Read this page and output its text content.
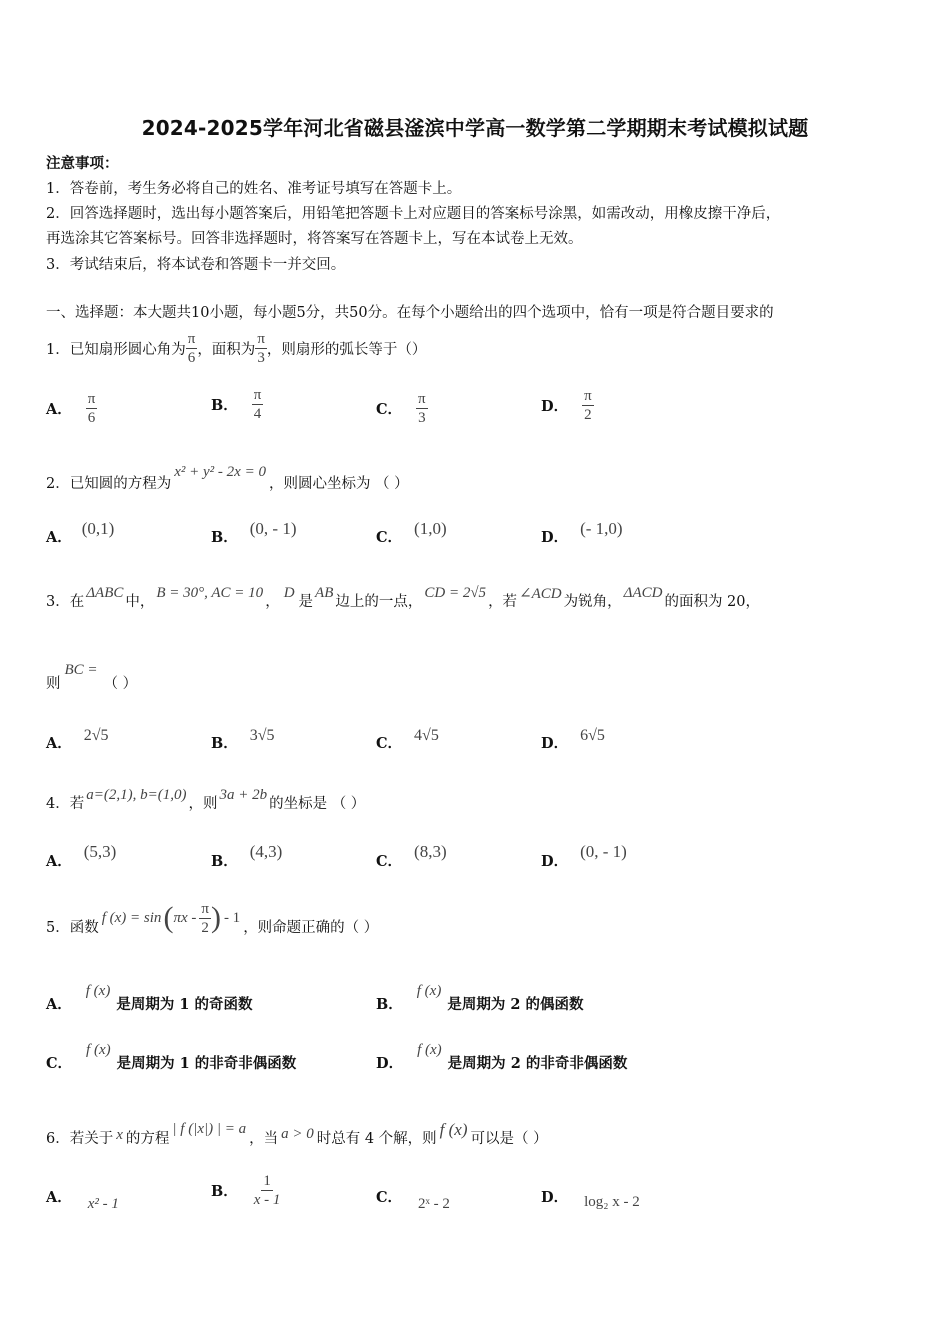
2024-2025学年河北省磁县滏滨中学高一数学第二学期期末考试模拟试题
注意事项：
1．答卷前，考生务必将自己的姓名、准考证号填写在答题卡上。
2．回答选择题时，选出每小题答案后，用铅笔把答题卡上对应题目的答案标号涂黑，如需改动，用橡皮擦干净后，
再选涂其它答案标号。回答非选择题时，将答案写在答题卡上，写在本试卷上无效。
3．考试结束后，将本试卷和答题卡一并交回。
一、选择题：本大题共10小题，每小题5分，共50分。在每个小题给出的四个选项中，恰有一项是符合题目要求的
1． 已知扇形圆心角为 $\frac{\pi}{6}$ ，面积为 $\frac{\pi}{3}$ ，则扇形的弧长等于（）
A． $\frac{\pi}{6}$	B． $\frac{\pi}{4}$	C． $\frac{\pi}{3}$	D． $\frac{\pi}{2}$
2． 已知圆的方程为
x² + y² - 2x = 0
，则圆心坐标为 （ ）
A． (0,1)	B． (0, - 1)	C． (1,0)	D． (- 1,0)
3． 在
ΔABC
中，
B = 30°, AC = 10
，
D
是
AB
边上的一点，
CD = 2√5
，若 ∠ACD 为锐角，
ΔACD
的面积为 20，
则
BC =
（ ）
A． 2√5	B． 3√5	C． 4√5	D． 6√5
4． 若
a=(2,1), b=(1,0)
，则
3a + 2b
的坐标是 （ ）
A．(5,3)
B．(4,3)
C．(8,3)
D．(0, - 1)
5． 函数
f (x) = sin ( πx - $\frac{\pi}{2}$ ) - 1
，则命题正确的（ ）
A．
f (x)
是周期为 1 的奇函数	B．
f (x)
是周期为 2 的偶函数
C．
f (x)
是周期为 1 的非奇非偶函数	D．
f (x)
是周期为 2 的非奇非偶函数
6． 若关于 x 的方程
| f (|x|) | = a
，当 a > 0 时总有 4 个解，则
f (x)
可以是（ ）
A． x² - 1
B． $\frac{1}{x - 1}$	C． 2ˣ - 2	D． log₂ x - 2
